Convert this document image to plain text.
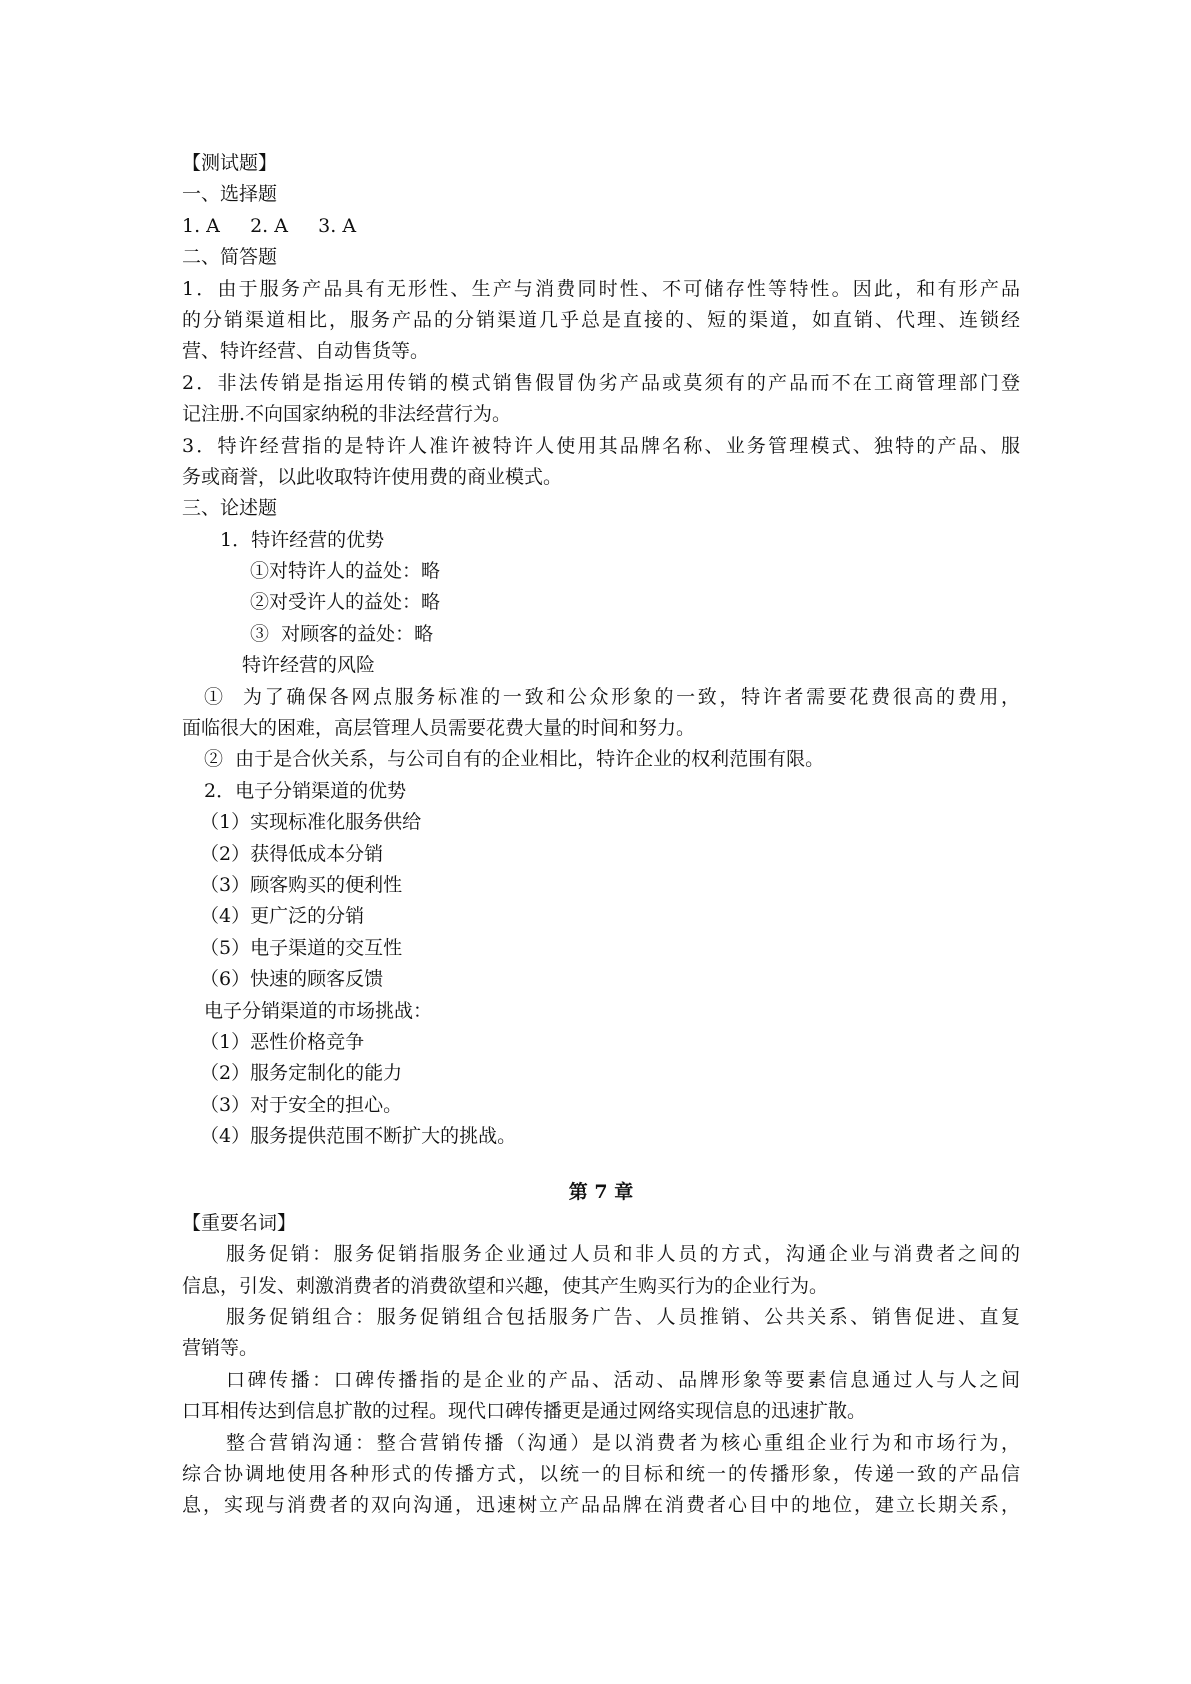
【测试题】
一、选择题
1. A     2. A     3. A
二、简答题
1．由于服务产品具有无形性、生产与消费同时性、不可储存性等特性。因此，和有形产品
的分销渠道相比，服务产品的分销渠道几乎总是直接的、短的渠道，如直销、代理、连锁经
营、特许经营、自动售货等。
2．非法传销是指运用传销的模式销售假冒伪劣产品或莫须有的产品而不在工商管理部门登
记注册.不向国家纳税的非法经营行为。
3．特许经营指的是特许人准许被特许人使用其品牌名称、业务管理模式、独特的产品、服
务或商誉，以此收取特许使用费的商业模式。
三、论述题
1．特许经营的优势
①对特许人的益处：略
②对受许人的益处：略
③  对顾客的益处：略
特许经营的风险
①  为了确保各网点服务标准的一致和公众形象的一致，特许者需要花费很高的费用，
面临很大的困难，高层管理人员需要花费大量的时间和努力。
②  由于是合伙关系，与公司自有的企业相比，特许企业的权利范围有限。
2．电子分销渠道的优势
（1）实现标准化服务供给
（2）获得低成本分销
（3）顾客购买的便利性
（4）更广泛的分销
（5）电子渠道的交互性
（6）快速的顾客反馈
电子分销渠道的市场挑战：
（1）恶性价格竞争
（2）服务定制化的能力
（3）对于安全的担心。
（4）服务提供范围不断扩大的挑战。
第 7 章
【重要名词】
服务促销：服务促销指服务企业通过人员和非人员的方式，沟通企业与消费者之间的
信息，引发、刺激消费者的消费欲望和兴趣，使其产生购买行为的企业行为。
服务促销组合：服务促销组合包括服务广告、人员推销、公共关系、销售促进、直复
营销等。
口碑传播：口碑传播指的是企业的产品、活动、品牌形象等要素信息通过人与人之间
口耳相传达到信息扩散的过程。现代口碑传播更是通过网络实现信息的迅速扩散。
整合营销沟通：整合营销传播（沟通）是以消费者为核心重组企业行为和市场行为，
综合协调地使用各种形式的传播方式，以统一的目标和统一的传播形象，传递一致的产品信
息，实现与消费者的双向沟通，迅速树立产品品牌在消费者心目中的地位，建立长期关系，
